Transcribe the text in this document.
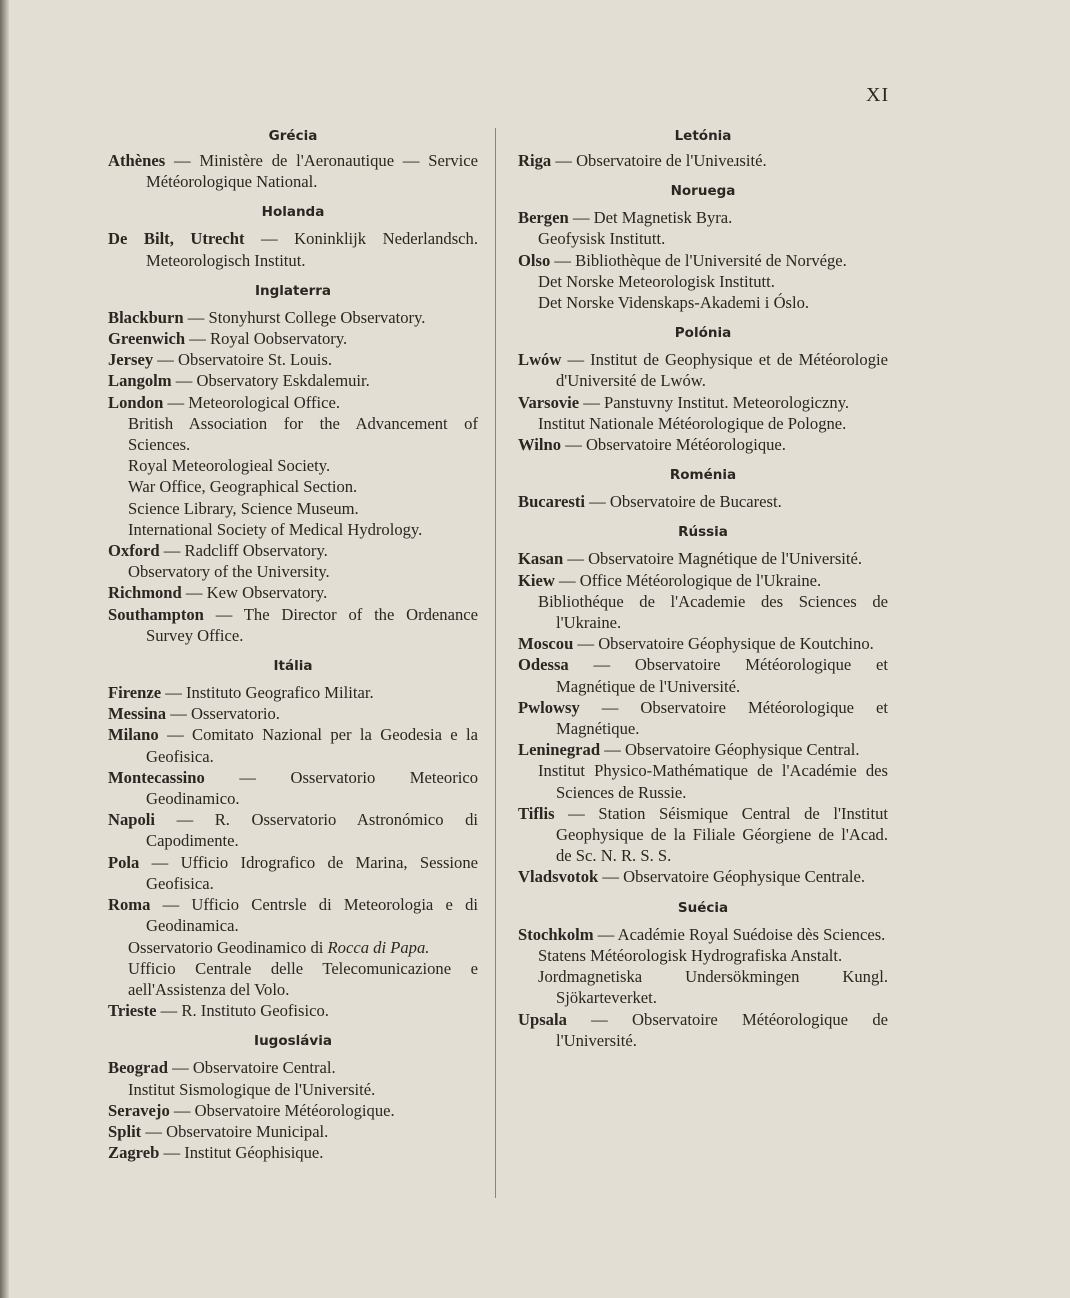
XI
Grécia
Athènes — Ministère de l'Aeronautique — Service Météorologique National.
Holanda
De Bilt, Utrecht — Koninklijk Nederlandsch. Meteorologisch Institut.
Inglaterra
Blackburn — Stonyhurst College Observatory.
Greenwich — Royal Oobservatory.
Jersey — Observatoire St. Louis.
Langolm — Observatory Eskdalemuir.
London — Meteorological Office.
British Association for the Advancement of Sciences.
Royal Meteorologieal Society.
War Office, Geographical Section.
Science Library, Science Museum.
International Society of Medical Hydrology.
Oxford — Radcliff Observatory.
Observatory of the University.
Richmond — Kew Observatory.
Southampton — The Director of the Ordenance Survey Office.
Itália
Firenze — Instituto Geografico Militar.
Messina — Osservatorio.
Milano — Comitato Nazional per la Geodesia e la Geofisica.
Montecassino — Osservatorio Meteorico Geodinamico.
Napoli — R. Osservatorio Astronómico di Capodimente.
Pola — Ufficio Idrografico de Marina, Sessione Geofisica.
Roma — Ufficio Centrsle di Meteorologia e di Geodinamica.
Osservatorio Geodinamico di Rocca di Papa.
Ufficio Centrale delle Telecomunicazione e aell'Assistenza del Volo.
Trieste — R. Instituto Geofisico.
Iugoslávia
Beograd — Observatoire Central.
Institut Sismologique de l'Université.
Seravejo — Observatoire Météorologique.
Split — Observatoire Municipal.
Zagreb — Institut Géophisique.
Letónia
Riga — Observatoire de l'Univeɹsité.
Noruega
Bergen — Det Magnetisk Byra.
Geofysisk Institutt.
Olso — Bibliothèque de l'Université de Norvége.
Det Norske Meteorologisk Institutt.
Det Norske Videnskaps-Akademi i Óslo.
Polónia
Lwów — Institut de Geophysique et de Météorologie d'Université de Lwów.
Varsovie — Panstuvny Institut. Meteorologiczny.
Institut Nationale Météorologique de Pologne.
Wilno — Observatoire Météorologique.
Roménia
Bucaresti — Observatoire de Bucarest.
Rússia
Kasan — Observatoire Magnétique de l'Université.
Kiew — Office Météorologique de l'Ukraine.
Bibliothéque de l'Academie des Sciences de l'Ukraine.
Moscou — Observatoire Géophysique de Koutchino.
Odessa — Observatoire Météorologique et Magnétique de l'Université.
Pwlowsy — Observatoire Météorologique et Magnétique.
Leninegrad — Observatoire Géophysique Central.
Institut Physico-Mathématique de l'Académie des Sciences de Russie.
Tiflis — Station Séismique Central de l'Institut Geophysique de la Filiale Géorgiene de l'Acad. de Sc. N. R. S. S.
Vladsvotok — Observatoire Géophysique Centrale.
Suécia
Stochkolm — Académie Royal Suédoise dès Sciences.
Statens Météorologisk Hydrografiska Anstalt.
Jordmagnetiska Undersökmingen Kungl. Sjökarteverket.
Upsala — Observatoire Météorologique de l'Université.
